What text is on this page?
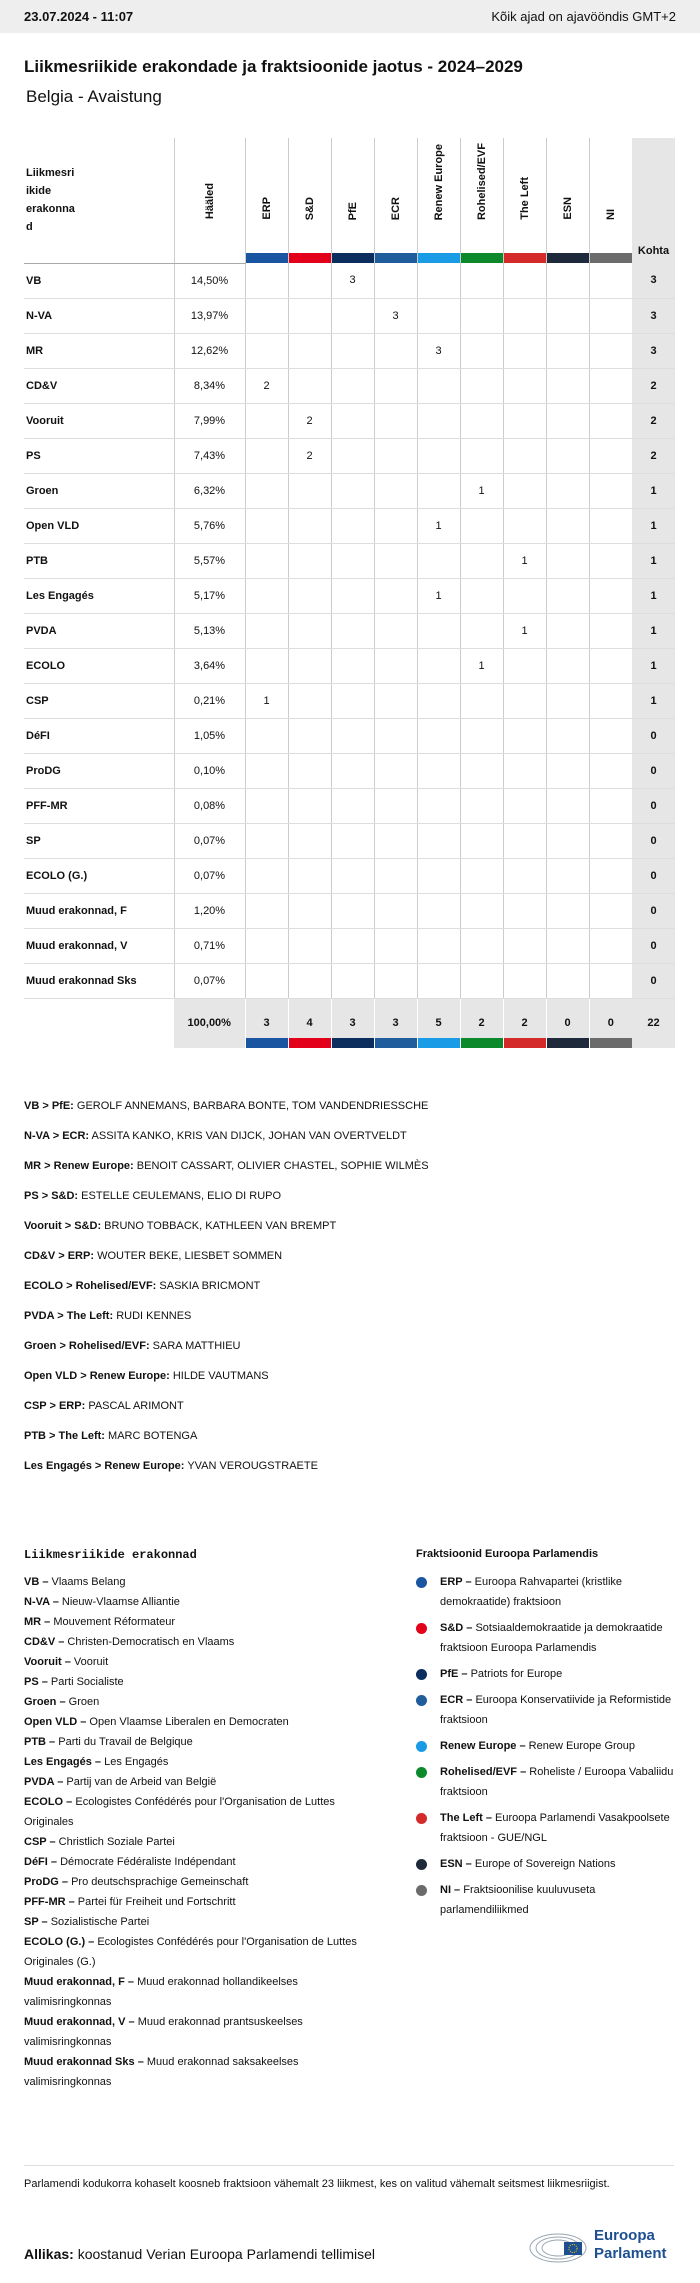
23.07.2024 - 11:07	Kõik ajad on ajavööndis GMT+2
Liikmesriikide erakondade ja fraktsioonide jaotus - 2024–2029
Belgia - Avaistung
Liikmesri
ikide
erakonna
d	Hääled	ERP	S&D	PfE	ECR	Renew Europe	Rohelised/EVF	The Left	ESN	NI	Kohta
VB	14,50%			3							3
N-VA	13,97%				3						3
MR	12,62%					3					3
CD&V	8,34%	2									2
Vooruit	7,99%		2								2
PS	7,43%		2								2
Groen	6,32%						1				1
Open VLD	5,76%					1					1
PTB	5,57%							1			1
Les Engagés	5,17%					1					1
PVDA	5,13%							1			1
ECOLO	3,64%						1				1
CSP	0,21%	1									1
DéFI	1,05%										0
ProDG	0,10%										0
PFF-MR	0,08%										0
SP	0,07%										0
ECOLO (G.)	0,07%										0
Muud erakonnad, F	1,20%										0
Muud erakonnad, V	0,71%										0
Muud erakonnad Sks	0,07%										0
	100,00%	3	4	3	3	5	2	2	0	0	22

VB > PfE: GEROLF ANNEMANS, BARBARA BONTE, TOM VANDENDRIESSCHE

N-VA > ECR: ASSITA KANKO, KRIS VAN DIJCK, JOHAN VAN OVERTVELDT

MR > Renew Europe: BENOIT CASSART, OLIVIER CHASTEL, SOPHIE WILMÈS

PS > S&D: ESTELLE CEULEMANS, ELIO DI RUPO

Vooruit > S&D: BRUNO TOBBACK, KATHLEEN VAN BREMPT

CD&V > ERP: WOUTER BEKE, LIESBET SOMMEN

ECOLO > Rohelised/EVF: SASKIA BRICMONT

PVDA > The Left: RUDI KENNES

Groen > Rohelised/EVF: SARA MATTHIEU

Open VLD > Renew Europe: HILDE VAUTMANS

CSP > ERP: PASCAL ARIMONT

PTB > The Left: MARC BOTENGA

Les Engagés > Renew Europe: YVAN VEROUGSTRAETE

Liikmesriikide erakonnad

VB – Vlaams Belang

N-VA – Nieuw-Vlaamse Alliantie

MR – Mouvement Réformateur

CD&V – Christen-Democratisch en Vlaams

Vooruit – Vooruit

PS – Parti Socialiste

Groen – Groen

Open VLD – Open Vlaamse Liberalen en Democraten

PTB – Parti du Travail de Belgique

Les Engagés – Les Engagés

PVDA – Partij van de Arbeid van België

ECOLO – Ecologistes Confédérés pour l'Organisation de Luttes Originales

CSP – Christlich Soziale Partei

DéFI – Démocrate Fédéraliste Indépendant

ProDG – Pro deutschsprachige Gemeinschaft

PFF-MR – Partei für Freiheit und Fortschritt

SP – Sozialistische Partei

ECOLO (G.) – Ecologistes Confédérés pour l'Organisation de Luttes Originales (G.)

Muud erakonnad, F – Muud erakonnad hollandikeelses valimisringkonnas

Muud erakonnad, V – Muud erakonnad prantsuskeelses valimisringkonnas

Muud erakonnad Sks – Muud erakonnad saksakeelses valimisringkonnas

Fraktsioonid Euroopa Parlamendis
ERP – Euroopa Rahvapartei (kristlike demokraatide) fraktsioon
S&D – Sotsiaaldemokraatide ja demokraatide fraktsioon Euroopa Parlamendis
PfE – Patriots for Europe
ECR – Euroopa Konservatiivide ja Reformistide fraktsioon
Renew Europe – Renew Europe Group
Rohelised/EVF – Roheliste / Euroopa Vabaliidu fraktsioon
The Left – Euroopa Parlamendi Vasakpoolsete fraktsioon - GUE/NGL
ESN – Europe of Sovereign Nations
NI – Fraktsioonilise kuuluvuseta parlamendiliikmed
Parlamendi kodukorra kohaselt koosneb fraktsioon vähemalt 23 liikmest, kes on valitud vähemalt seitsmest liikmesriigist.
Allikas: koostanud Verian Euroopa Parlamendi tellimisel
Euroopa
Parlament
